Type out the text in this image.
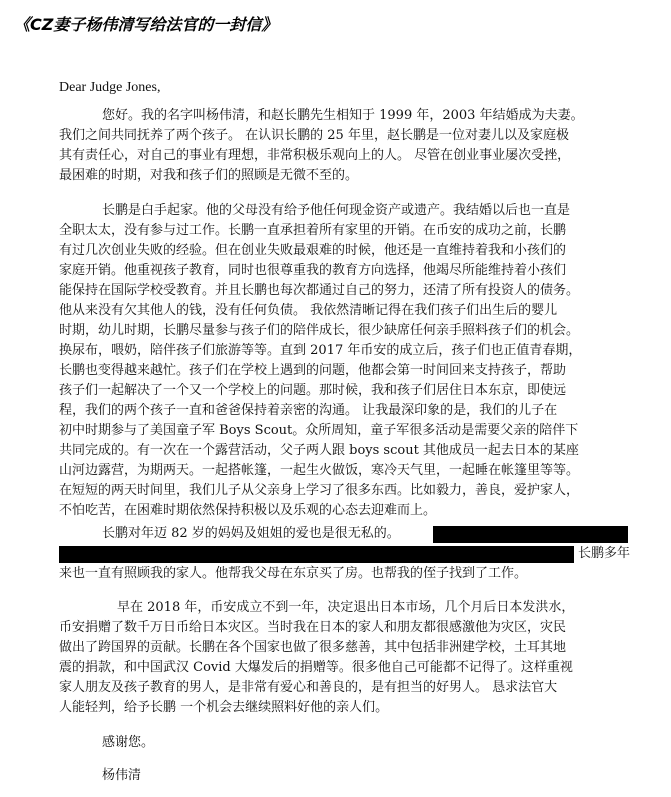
《CZ妻子杨伟清写给法官的一封信》
Dear Judge Jones,
您好。我的名字叫杨伟清，和赵长鹏先生相知于 1999 年，2003 年结婚成为夫妻。
我们之间共同抚养了两个孩子。 在认识长鹏的 25 年里，赵长鹏是一位对妻儿以及家庭极
其有责任心，对自己的事业有理想，非常积极乐观向上的人。 尽管在创业事业屡次受挫，
最困难的时期，对我和孩子们的照顾是无微不至的。
长鹏是白手起家。他的父母没有给予他任何现金资产或遗产。我结婚以后也一直是
全职太太，没有参与过工作。长鹏一直承担着所有家里的开销。在币安的成功之前，长鹏
有过几次创业失败的经验。但在创业失败最艰难的时候，他还是一直维持着我和小孩们的
家庭开销。他重视孩子教育，同时也很尊重我的教育方向选择，他竭尽所能维持着小孩们
能保持在国际学校受教育。并且长鹏也每次都通过自己的努力，还清了所有投资人的债务。
他从来没有欠其他人的钱，没有任何负债。 我依然清晰记得在我们孩子们出生后的婴儿
时期，幼儿时期，长鹏尽量参与孩子们的陪伴成长，很少缺席任何亲手照料孩子们的机会。
换尿布，喂奶，陪伴孩子们旅游等等。直到 2017 年币安的成立后，孩子们也正值青春期，
长鹏也变得越来越忙。孩子们在学校上遇到的问题，他都会第一时间回来支持孩子，帮助
孩子们一起解决了一个又一个学校上的问题。那时候，我和孩子们居住日本东京，即使远
程，我们的两个孩子一直和爸爸保持着亲密的沟通。 让我最深印象的是，我们的儿子在
初中时期参与了美国童子军 Boys Scout。众所周知，童子军很多活动是需要父亲的陪伴下
共同完成的。有一次在一个露营活动，父子两人跟 boys scout 其他成员一起去日本的某座
山河边露营，为期两天。一起搭帐篷，一起生火做饭，寒冷天气里，一起睡在帐篷里等等。
在短短的两天时间里，我们儿子从父亲身上学习了很多东西。比如毅力，善良，爱护家人，
不怕吃苦，在困难时期依然保持积极以及乐观的心态去迎难而上。
长鹏对年迈 82 岁的妈妈及姐姐的爱也是很无私的。
长鹏多年
来也一直有照顾我的家人。他帮我父母在东京买了房。也帮我的侄子找到了工作。
早在 2018 年，币安成立不到一年，决定退出日本市场，几个月后日本发洪水，
币安捐赠了数千万日币给日本灾区。当时我在日本的家人和朋友都很感激他为灾区，灾民
做出了跨国界的贡献。长鹏在各个国家也做了很多慈善，其中包括非洲建学校，土耳其地
震的捐款，和中国武汉 Covid 大爆发后的捐赠等。很多他自己可能都不记得了。这样重视
家人朋友及孩子教育的男人，是非常有爱心和善良的，是有担当的好男人。 恳求法官大
人能轻判，给予长鹏 一个机会去继续照料好他的亲人们。
感谢您。
杨伟清
